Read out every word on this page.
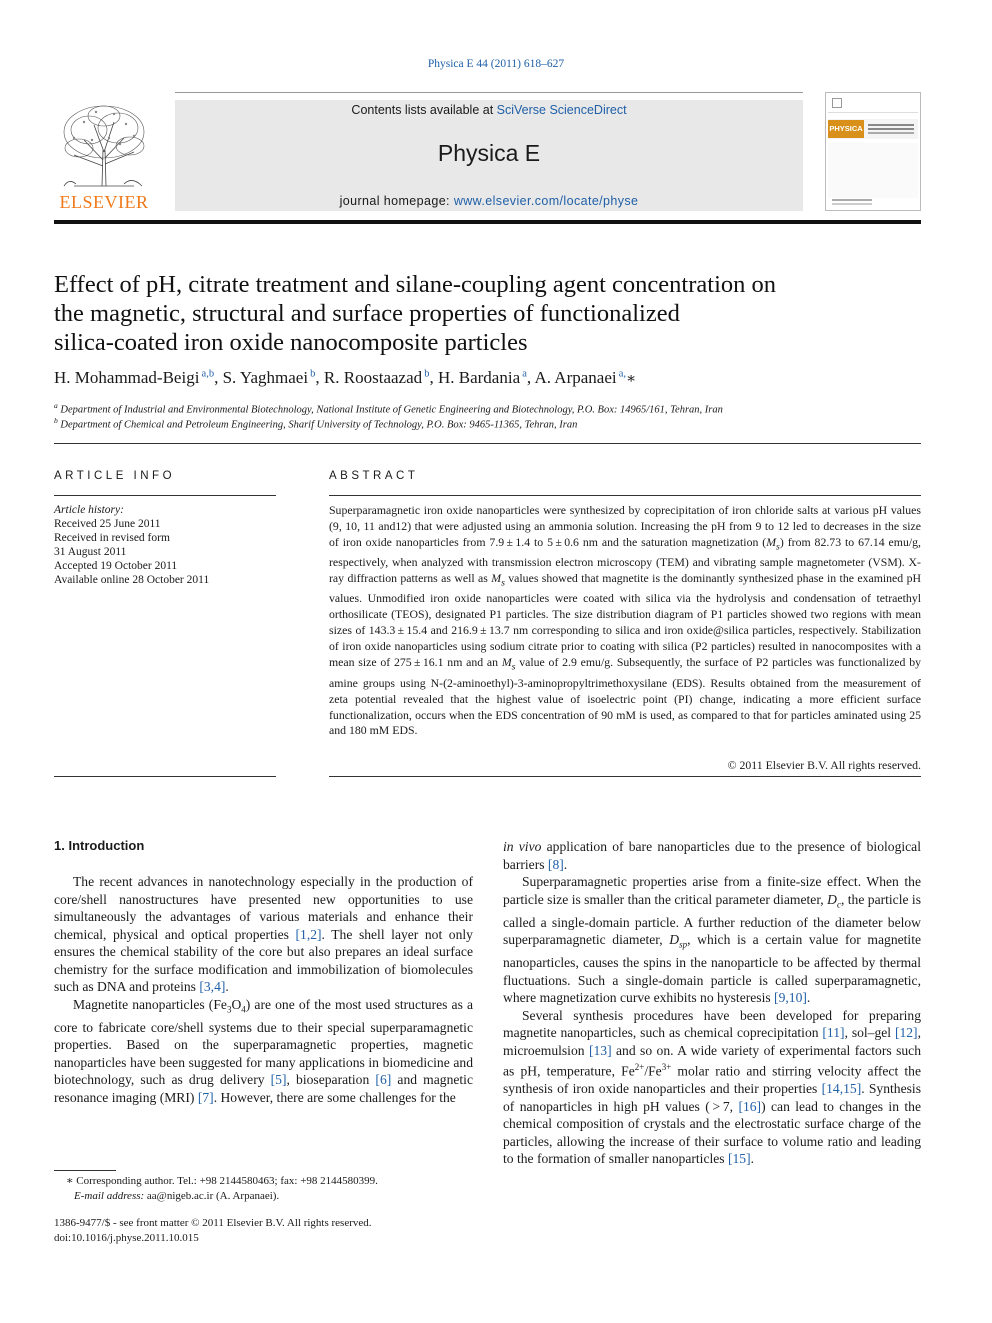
Physica E 44 (2011) 618–627
ELSEVIER
Contents lists available at SciVerse ScienceDirect
Physica E
journal homepage: www.elsevier.com/locate/physe
PHYSICA
Effect of pH, citrate treatment and silane-coupling agent concentration on
the magnetic, structural and surface properties of functionalized
silica-coated iron oxide nanocomposite particles
H. Mohammad-Beigi  $^{a,b}$, S. Yaghmaei  $^b$, R. Roostaazad  $^b$, H. Bardania  $^a$, A. Arpanaei  $^{a,}$∗
$^a$ Department of Industrial and Environmental Biotechnology, National Institute of Genetic Engineering and Biotechnology, P.O. Box: 14965/161, Tehran, Iran
$^b$ Department of Chemical and Petroleum Engineering, Sharif University of Technology, P.O. Box: 9465-11365, Tehran, Iran
ARTICLE INFO
Article history:
Received 25 June 2011
Received in revised form
31 August 2011
Accepted 19 October 2011
Available online 28 October 2011
ABSTRACT
Superparamagnetic iron oxide nanoparticles were synthesized by coprecipitation of iron chloride salts at various pH values (9, 10, 11 and12) that were adjusted using an ammonia solution. Increasing the pH from 9 to 12 led to decreases in the size of iron oxide nanoparticles from 7.9 ± 1.4 to 5 ± 0.6 nm and the saturation magnetization $(M_s)$ from 82.73 to 67.14 emu/g, respectively, when analyzed with transmission electron microscopy (TEM) and vibrating sample magnetometer (VSM). X-ray diffraction patterns as well as $M_s$ values showed that magnetite is the dominantly synthesized phase in the examined pH values. Unmodified iron oxide nanoparticles were coated with silica via the hydrolysis and condensation of tetraethyl orthosilicate (TEOS), designated P1 particles. The size distribution diagram of P1 particles showed two regions with mean sizes of 143.3 ± 15.4 and 216.9 ± 13.7 nm corresponding to silica and iron oxide@silica particles, respectively. Stabilization of iron oxide nanoparticles using sodium citrate prior to coating with silica (P2 particles) resulted in nanocomposites with a mean size of 275 ± 16.1 nm and an $M_s$ value of 2.9 emu/g. Subsequently, the surface of P2 particles was functionalized by amine groups using N-(2-aminoethyl)-3-aminopropyltrimethoxysilane (EDS). Results obtained from the measurement of zeta potential revealed that the highest value of isoelectric point (PI) change, indicating a more efficient surface functionalization, occurs when the EDS concentration of 90 mM is used, as compared to that for particles aminated using 25 and 180 mM EDS.
© 2011 Elsevier B.V. All rights reserved.
1. Introduction

The recent advances in nanotechnology especially in the production of core/shell nanostructures have presented new opportunities to use simultaneously the advantages of various materials and enhance their chemical, physical and optical properties [1,2]. The shell layer not only ensures the chemical stability of the core but also prepares an ideal surface chemistry for the surface modification and immobilization of biomolecules such as DNA and proteins [3,4].

Magnetite nanoparticles $(Fe_3O_4)$ are one of the most used structures as a core to fabricate core/shell systems due to their special superparamagnetic properties. Based on the superparamagnetic properties, magnetic nanoparticles have been suggested for many applications in biomedicine and biotechnology, such as drug delivery [5], bioseparation [6] and magnetic resonance imaging (MRI) [7]. However, there are some challenges for the

in vivo application of bare nanoparticles due to the presence of biological barriers [8].

Superparamagnetic properties arise from a finite-size effect. When the particle size is smaller than the critical parameter diameter, $D_c$, the particle is called a single-domain particle. A further reduction of the diameter below superparamagnetic diameter, $D_{sp}$, which is a certain value for magnetite nanoparticles, causes the spins in the nanoparticle to be affected by thermal fluctuations. Such a single-domain particle is called superparamagnetic, where magnetization curve exhibits no hysteresis [9,10].

Several synthesis procedures have been developed for preparing magnetite nanoparticles, such as chemical coprecipitation [11], sol–gel [12], microemulsion [13] and so on. A wide variety of experimental factors such as pH, temperature, $Fe^{2+}/Fe^{3+}$ molar ratio and stirring velocity affect the synthesis of iron oxide nanoparticles and their properties [14,15]. Synthesis of nanoparticles in high pH values ( > 7, [16]) can lead to changes in the chemical composition of crystals and the electrostatic surface charge of the particles, allowing the increase of their surface to volume ratio and leading to the formation of smaller nanoparticles [15].

∗ Corresponding author. Tel.: +98 2144580463; fax: +98 2144580399.
E-mail address: aa@nigeb.ac.ir (A. Arpanaei).
1386-9477/$ - see front matter © 2011 Elsevier B.V. All rights reserved.
doi:10.1016/j.physe.2011.10.015
